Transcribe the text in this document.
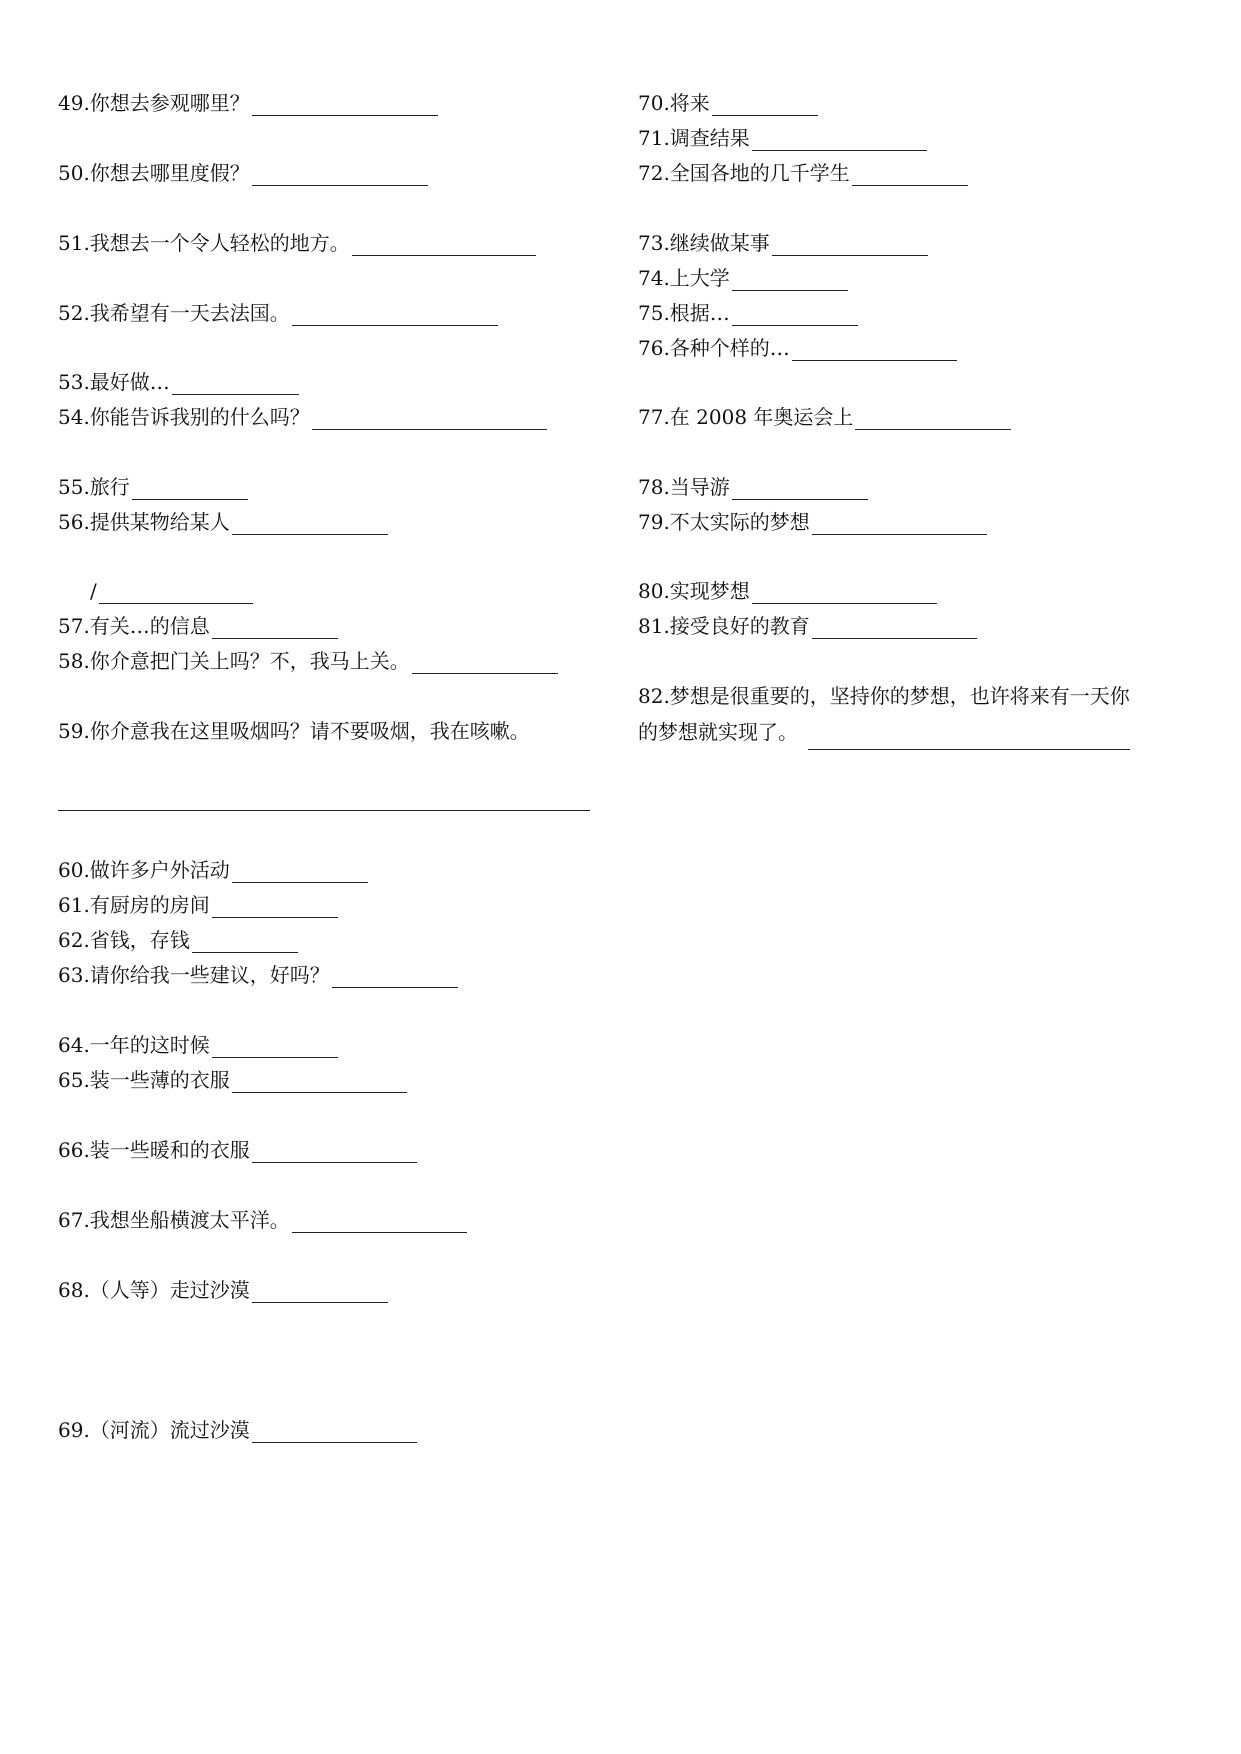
49.你想去参观哪里？
50.你想去哪里度假？
51.我想去一个令人轻松的地方。
52.我希望有一天去法国。
53.最好做…
54.你能告诉我别的什么吗？
55.旅行
56.提供某物给某人
/
57.有关…的信息
58.你介意把门关上吗？不，我马上关。
59.你介意我在这里吸烟吗？请不要吸烟，我在咳嗽。
60.做许多户外活动
61.有厨房的房间
62.省钱，存钱
63.请你给我一些建议，好吗？
64.一年的这时候
65.装一些薄的衣服
66.装一些暖和的衣服
67.我想坐船横渡太平洋。
68.（人等）走过沙漠
69.（河流）流过沙漠
70.将来
71.调查结果
72.全国各地的几千学生
73.继续做某事
74.上大学
75.根据…
76.各种个样的…
77.在 2008 年奥运会上
78.当导游
79.不太实际的梦想
80.实现梦想
81.接受良好的教育
82.梦想是很重要的，坚持你的梦想，也许将来有一天你
的梦想就实现了。
